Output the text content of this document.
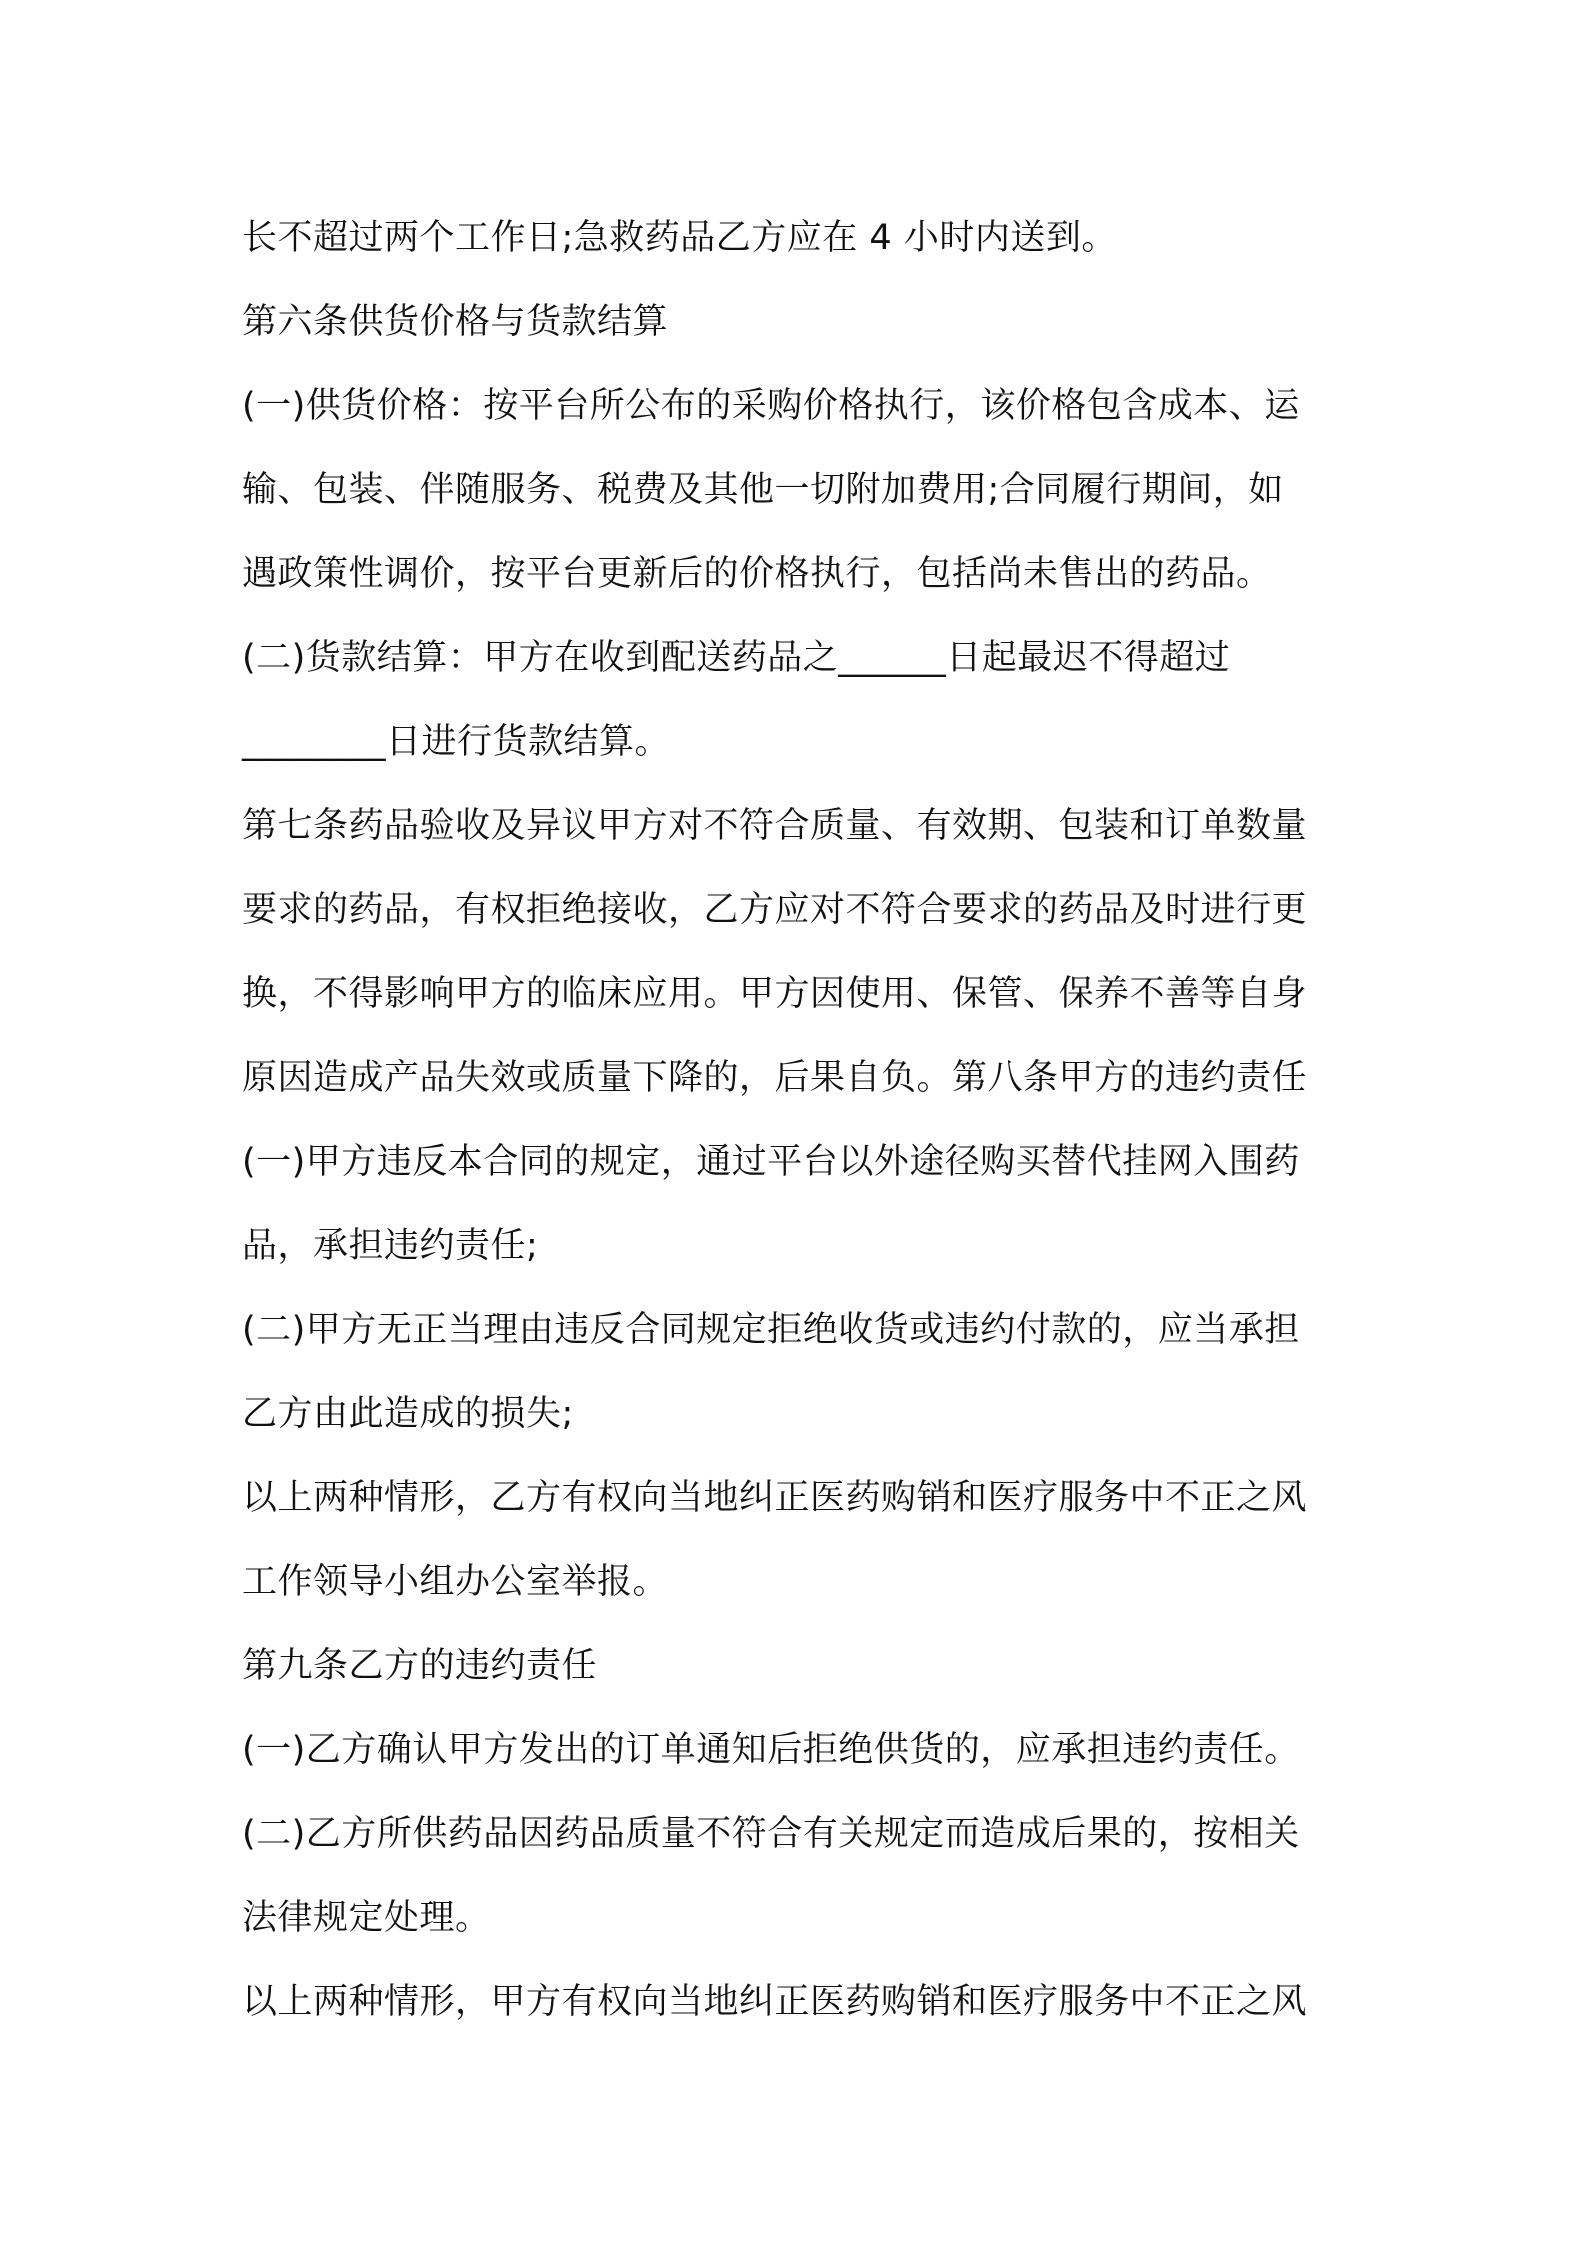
长不超过两个工作日;急救药品乙方应在 4 小时内送到。
第六条供货价格与货款结算
(一)供货价格：按平台所公布的采购价格执行，该价格包含成本、运
输、包装、伴随服务、税费及其他一切附加费用;合同履行期间，如
遇政策性调价，按平台更新后的价格执行，包括尚未售出的药品。
(二)货款结算：甲方在收到配送药品之______日起最迟不得超过
________日进行货款结算。
第七条药品验收及异议甲方对不符合质量、有效期、包装和订单数量
要求的药品，有权拒绝接收，乙方应对不符合要求的药品及时进行更
换，不得影响甲方的临床应用。甲方因使用、保管、保养不善等自身
原因造成产品失效或质量下降的，后果自负。第八条甲方的违约责任
(一)甲方违反本合同的规定，通过平台以外途径购买替代挂网入围药
品，承担违约责任;
(二)甲方无正当理由违反合同规定拒绝收货或违约付款的，应当承担
乙方由此造成的损失;
以上两种情形，乙方有权向当地纠正医药购销和医疗服务中不正之风
工作领导小组办公室举报。
第九条乙方的违约责任
(一)乙方确认甲方发出的订单通知后拒绝供货的，应承担违约责任。
(二)乙方所供药品因药品质量不符合有关规定而造成后果的，按相关
法律规定处理。
以上两种情形，甲方有权向当地纠正医药购销和医疗服务中不正之风
